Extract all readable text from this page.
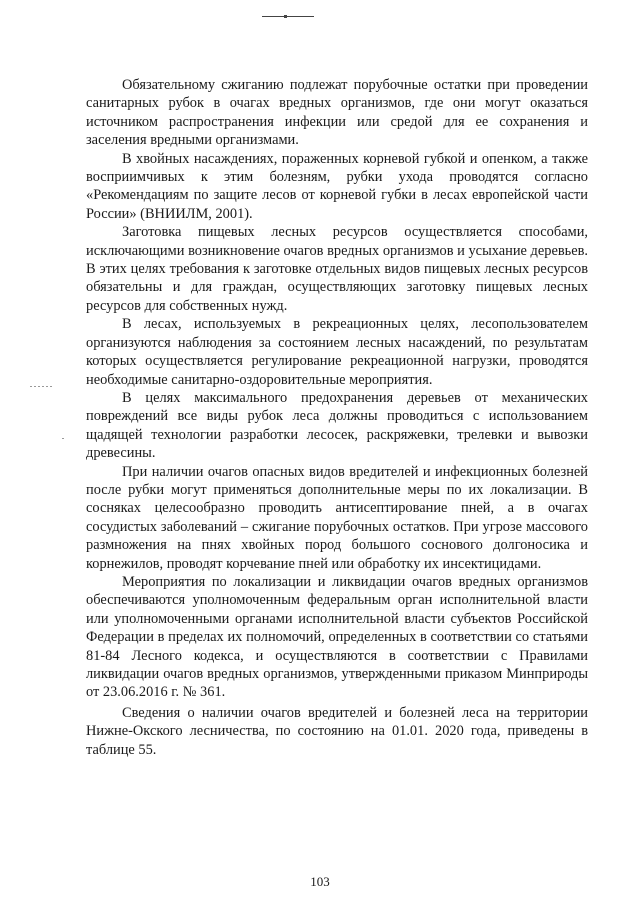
Обязательному сжиганию подлежат порубочные остатки при проведении санитарных рубок в очагах вредных организмов, где они могут оказаться источником распространения инфекции или средой для ее сохранения и заселения вредными организмами.

В хвойных насаждениях, пораженных корневой губкой и опенком, а также восприимчивых к этим болезням, рубки ухода проводятся согласно «Рекомендациям по защите лесов от корневой губки в лесах европейской части России» (ВНИИЛМ, 2001).

Заготовка пищевых лесных ресурсов осуществляется способами, исключающими возникновение очагов вредных организмов и усыхание деревьев. В этих целях требования к заготовке отдельных видов пищевых лесных ресурсов обязательны и для граждан, осуществляющих заготовку пищевых лесных ресурсов для собственных нужд.

В лесах, используемых в рекреационных целях, лесопользователем организуются наблюдения за состоянием лесных насаждений, по результатам которых осуществляется регулирование рекреационной нагрузки, проводятся необходимые санитарно-оздоровительные мероприятия.

В целях максимального предохранения деревьев от механических повреждений все виды рубок леса должны проводиться с использованием щадящей технологии разработки лесосек, раскряжевки, трелевки и вывозки древесины.

При наличии очагов опасных видов вредителей и инфекционных болезней после рубки могут применяться дополнительные меры по их локализации. В сосняках целесообразно проводить антисептирование пней, а в очагах сосудистых заболеваний – сжигание порубочных остатков. При угрозе массового размножения на пнях хвойных пород большого соснового долгоносика и корнежилов, проводят корчевание пней или обработку их инсектицидами.

Мероприятия по локализации и ликвидации очагов вредных организмов обеспечиваются уполномоченным федеральным орган исполнительной власти или уполномоченными органами исполнительной власти субъектов Российской Федерации в пределах их полномочий, определенных в соответствии со статьями 81-84 Лесного кодекса, и осуществляются в соответствии с Правилами ликвидации очагов вредных организмов, утвержденными приказом Минприроды от 23.06.2016 г. № 361.

Сведения о наличии очагов вредителей и болезней леса на территории Нижне-Окского лесничества, по состоянию на 01.01. 2020 года, приведены в таблице 55.

103
